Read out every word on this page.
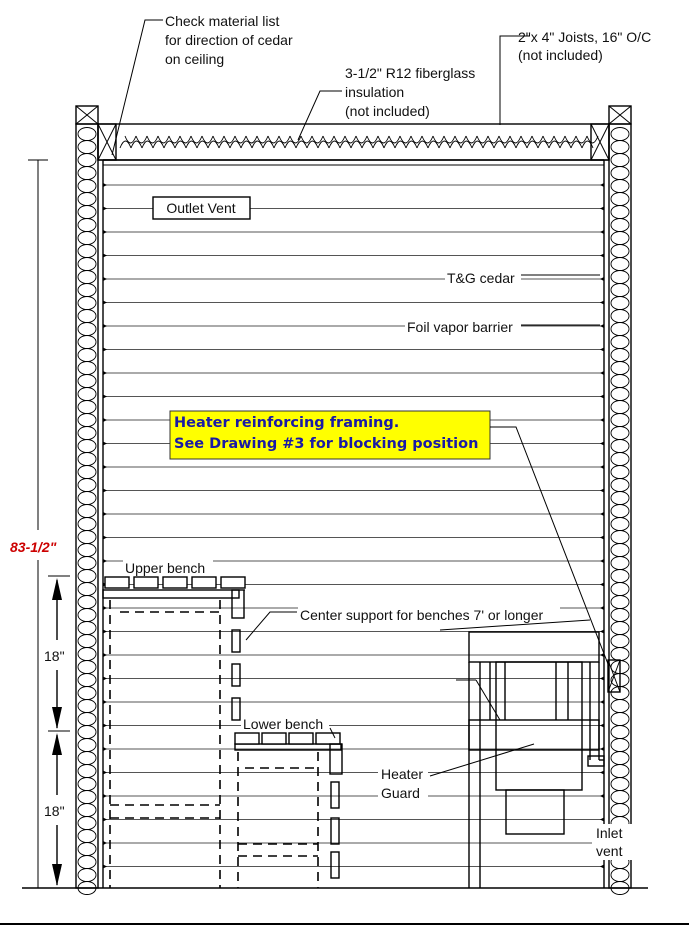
Check material list
for direction of cedar
on ceiling
2"x 4" Joists, 16" O/C
(not included)
3-1/2" R12 fiberglass
insulation
(not included)
Outlet Vent
T&G cedar
Foil vapor barrier
Heater reinforcing framing.
See Drawing #3 for blocking position
Upper bench
Center support for benches 7' or longer
Lower bench
Heater
Guard
Inlet
vent
83-1/2"
18"
18"
